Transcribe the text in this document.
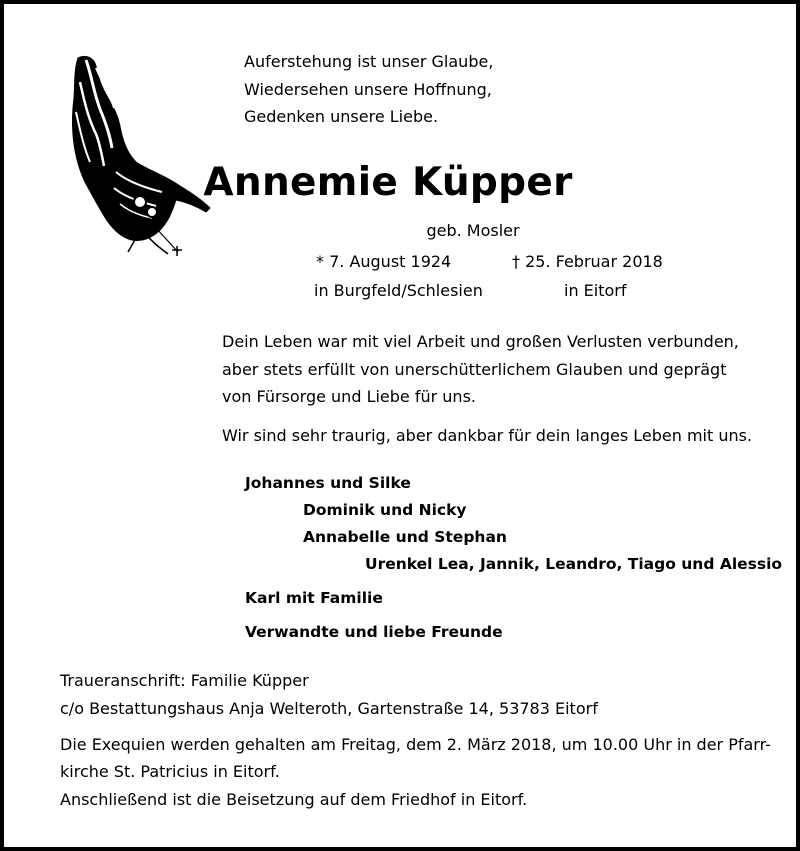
Auferstehung ist unser Glaube,
Wiedersehen unsere Hoffnung,
Gedenken unsere Liebe.
Annemie Küpper
geb. Mosler
* 7. August 1924	† 25. Februar 2018
in Burgfeld/Schlesien	in Eitorf
Dein Leben war mit viel Arbeit und großen Verlusten verbunden,
aber stets erfüllt von unerschütterlichem Glauben und geprägt
von Fürsorge und Liebe für uns.
Wir sind sehr traurig, aber dankbar für dein langes Leben mit uns.
Johannes und Silke
Dominik und Nicky
Annabelle und Stephan
Urenkel Lea, Jannik, Leandro, Tiago und Alessio
Karl mit Familie
Verwandte und liebe Freunde
Traueranschrift: Familie Küpper
c/o Bestattungshaus Anja Welteroth, Gartenstraße 14, 53783 Eitorf
Die Exequien werden gehalten am Freitag, dem 2. März 2018, um 10.00 Uhr in der Pfarr-
kirche St. Patricius in Eitorf.
Anschließend ist die Beisetzung auf dem Friedhof in Eitorf.
